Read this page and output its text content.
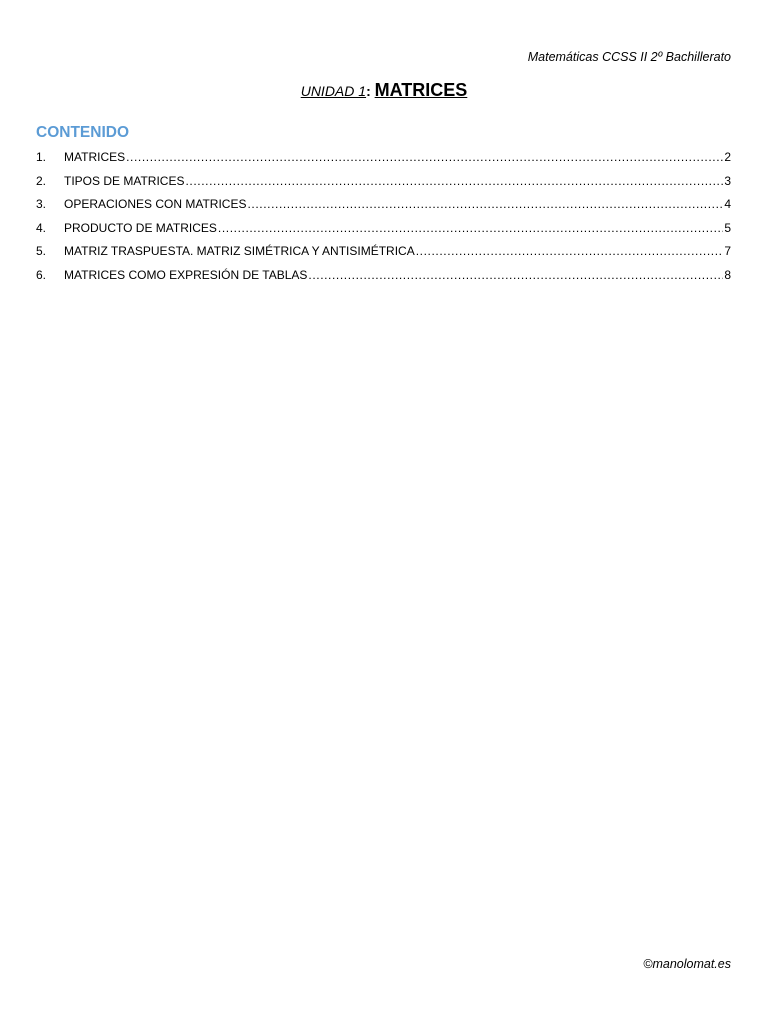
Matemáticas CCSS II 2º Bachillerato
UNIDAD 1: MATRICES
CONTENIDO
1.	MATRICES .....	2
2.	TIPOS DE MATRICES .....	3
3.	OPERACIONES CON MATRICES .....	4
4.	PRODUCTO DE MATRICES .....	5
5.	MATRIZ TRASPUESTA. MATRIZ SIMÉTRICA Y ANTISIMÉTRICA .....	7
6.	MATRICES COMO EXPRESIÓN DE TABLAS .....	8
©manolomat.es
